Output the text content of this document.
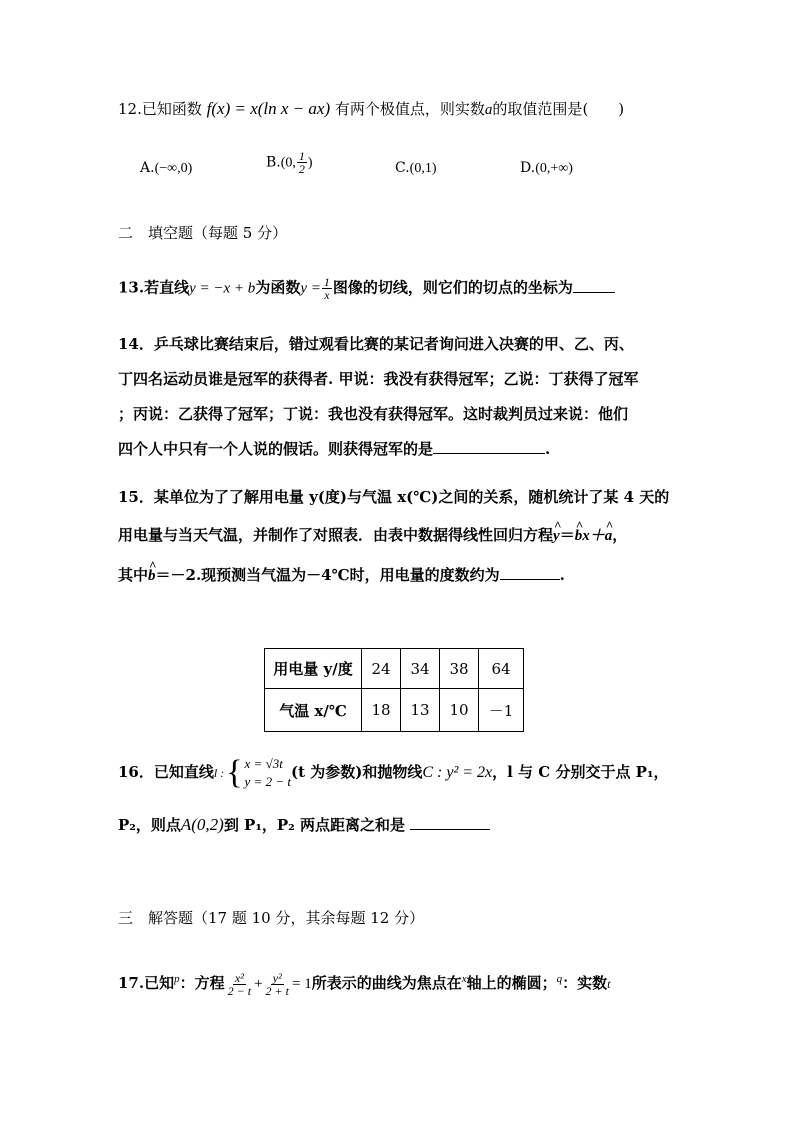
12.已知函数 f(x) = x(ln x − ax) 有两个极值点，则实数a的取值范围是(　　)
A.(−∞,0)	B.(0, $\frac{1}{2}$ )	C.(0,1)	D.(0,+∞)
二　填空题（每题 5 分）
13.若直线y = −x + b为函数$y = \frac{1}{x}$ 图像的切线，则它们的切点的坐标为
14．乒乓球比赛结束后，错过观看比赛的某记者询问进入决赛的甲、乙、丙、
丁四名运动员谁是冠军的获得者. 甲说：我没有获得冠军；乙说：丁获得了冠军
；丙说：乙获得了冠军；丁说：我也没有获得冠军。这时裁判员过来说：他们
四个人中只有一个人说的假话。则获得冠军的是	.
15．某单位为了了解用电量 y(度)与气温 x(℃)之间的关系，随机统计了某 4 天的
用电量与当天气温，并制作了对照表．由表中数据得线性回归方程^ y＝^ bx＋^ a，
其中^ b＝－2.现预测当气温为－4℃时，用电量的度数约为	.
用电量 y/度	24	34	38	64
气温 x/℃	18	13	10	－1
16．已知直线l : { x = √3t
y = 2 − t
(t 为参数)和抛物线C : y² = 2x，l 与 C 分别交于点 P₁，
P₂，则点A(0,2)到 P₁，P₂ 两点距离之和是
三　解答题（17 题 10 分，其余每题 12 分）
17.已知$^p$：方程 $\frac{\text{x²}}{2 - t} + \frac{\text{y²}}{2 + t} = 1$所表示的曲线为焦点在$^x$轴上的椭圆；$^q$：实数t
